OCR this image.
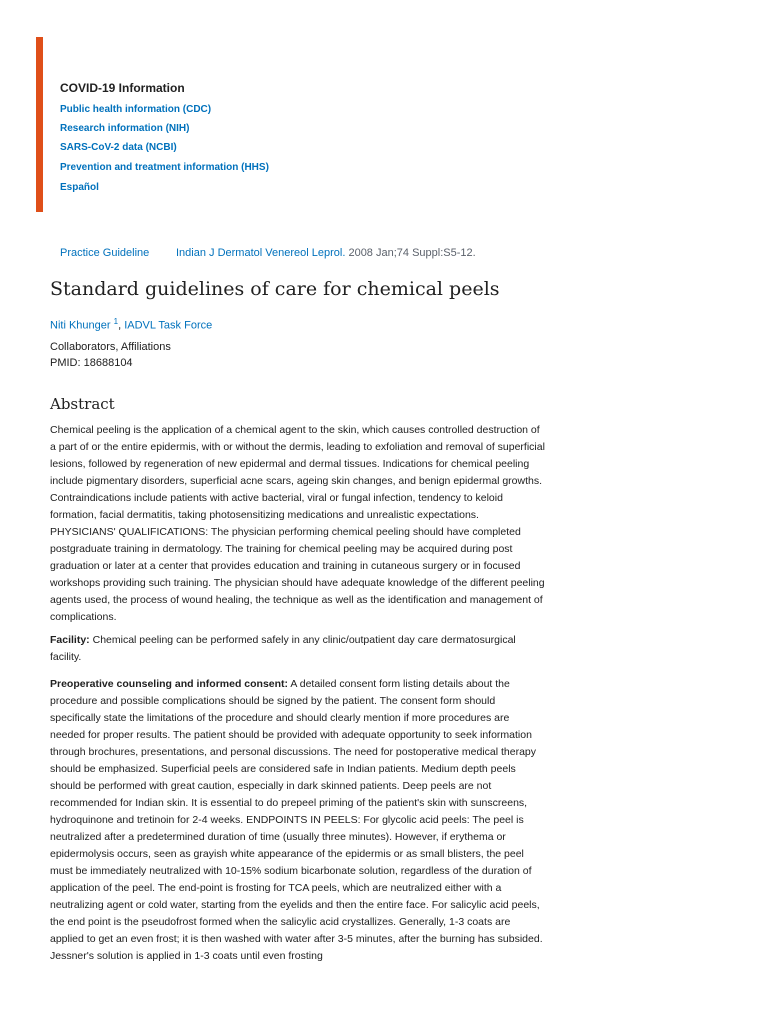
COVID-19 Information
Public health information (CDC)
Research information (NIH)
SARS-CoV-2 data (NCBI)
Prevention and treatment information (HHS)
Español
Practice Guideline Indian J Dermatol Venereol Leprol. 2008 Jan;74 Suppl:S5-12.
Standard guidelines of care for chemical peels
Niti Khunger $^1$, IADVL Task Force
Collaborators, Affiliations
PMID: 18688104
Abstract

Chemical peeling is the application of a chemical agent to the skin, which causes controlled destruction of a part of or the entire epidermis, with or without the dermis, leading to exfoliation and removal of superficial lesions, followed by regeneration of new epidermal and dermal tissues. Indications for chemical peeling include pigmentary disorders, superficial acne scars, ageing skin changes, and benign epidermal growths. Contraindications include patients with active bacterial, viral or fungal infection, tendency to keloid formation, facial dermatitis, taking photosensitizing medications and unrealistic expectations. PHYSICIANS' QUALIFICATIONS: The physician performing chemical peeling should have completed postgraduate training in dermatology. The training for chemical peeling may be acquired during post graduation or later at a center that provides education and training in cutaneous surgery or in focused workshops providing such training. The physician should have adequate knowledge of the different peeling agents used, the process of wound healing, the technique as well as the identification and management of complications.

Facility: Chemical peeling can be performed safely in any clinic/outpatient day care dermatosurgical facility.

Preoperative counseling and informed consent: A detailed consent form listing details about the procedure and possible complications should be signed by the patient. The consent form should specifically state the limitations of the procedure and should clearly mention if more procedures are needed for proper results. The patient should be provided with adequate opportunity to seek information through brochures, presentations, and personal discussions. The need for postoperative medical therapy should be emphasized. Superficial peels are considered safe in Indian patients. Medium depth peels should be performed with great caution, especially in dark skinned patients. Deep peels are not recommended for Indian skin. It is essential to do prepeel priming of the patient's skin with sunscreens, hydroquinone and tretinoin for 2-4 weeks. ENDPOINTS IN PEELS: For glycolic acid peels: The peel is neutralized after a predetermined duration of time (usually three minutes). However, if erythema or epidermolysis occurs, seen as grayish white appearance of the epidermis or as small blisters, the peel must be immediately neutralized with 10-15% sodium bicarbonate solution, regardless of the duration of application of the peel. The end-point is frosting for TCA peels, which are neutralized either with a neutralizing agent or cold water, starting from the eyelids and then the entire face. For salicylic acid peels, the end point is the pseudofrost formed when the salicylic acid crystallizes. Generally, 1-3 coats are applied to get an even frost; it is then washed with water after 3-5 minutes, after the burning has subsided. Jessner's solution is applied in 1-3 coats until even frosting
